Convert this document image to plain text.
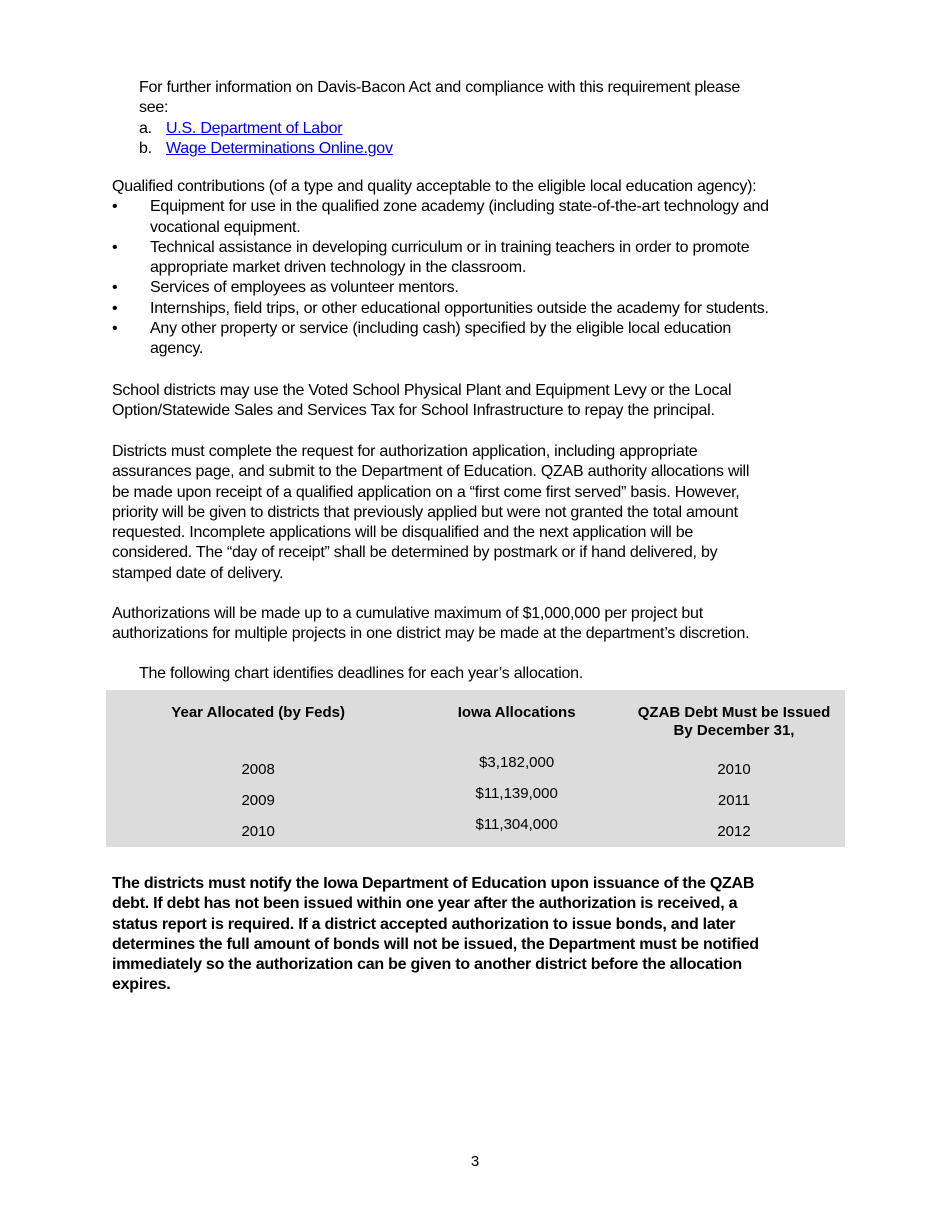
For further information on Davis-Bacon Act and compliance with this requirement please
see:
a. U.S. Department of Labor
b. Wage Determinations Online.gov
Qualified contributions (of a type and quality acceptable to the eligible local education agency):
• Equipment for use in the qualified zone academy (including state-of-the-art technology and
vocational equipment.
• Technical assistance in developing curriculum or in training teachers in order to promote
appropriate market driven technology in the classroom.
• Services of employees as volunteer mentors.
• Internships, field trips, or other educational opportunities outside the academy for students.
• Any other property or service (including cash) specified by the eligible local education
agency.
School districts may use the Voted School Physical Plant and Equipment Levy or the Local
Option/Statewide Sales and Services Tax for School Infrastructure to repay the principal.
Districts must complete the request for authorization application, including appropriate
assurances page, and submit to the Department of Education. QZAB authority allocations will
be made upon receipt of a qualified application on a “first come first served” basis. However,
priority will be given to districts that previously applied but were not granted the total amount
requested. Incomplete applications will be disqualified and the next application will be
considered. The “day of receipt” shall be determined by postmark or if hand delivered, by
stamped date of delivery.
Authorizations will be made up to a cumulative maximum of $1,000,000 per project but
authorizations for multiple projects in one district may be made at the department’s discretion.
The following chart identifies deadlines for each year’s allocation.
Year Allocated (by Feds)	Iowa Allocations	QZAB Debt Must be Issued By December 31,
2008	$3,182,000	2010
2009	$11,139,000	2011
2010	$11,304,000	2012
The districts must notify the Iowa Department of Education upon issuance of the QZAB
debt. If debt has not been issued within one year after the authorization is received, a
status report is required. If a district accepted authorization to issue bonds, and later
determines the full amount of bonds will not be issued, the Department must be notified
immediately so the authorization can be given to another district before the allocation
expires.
3
